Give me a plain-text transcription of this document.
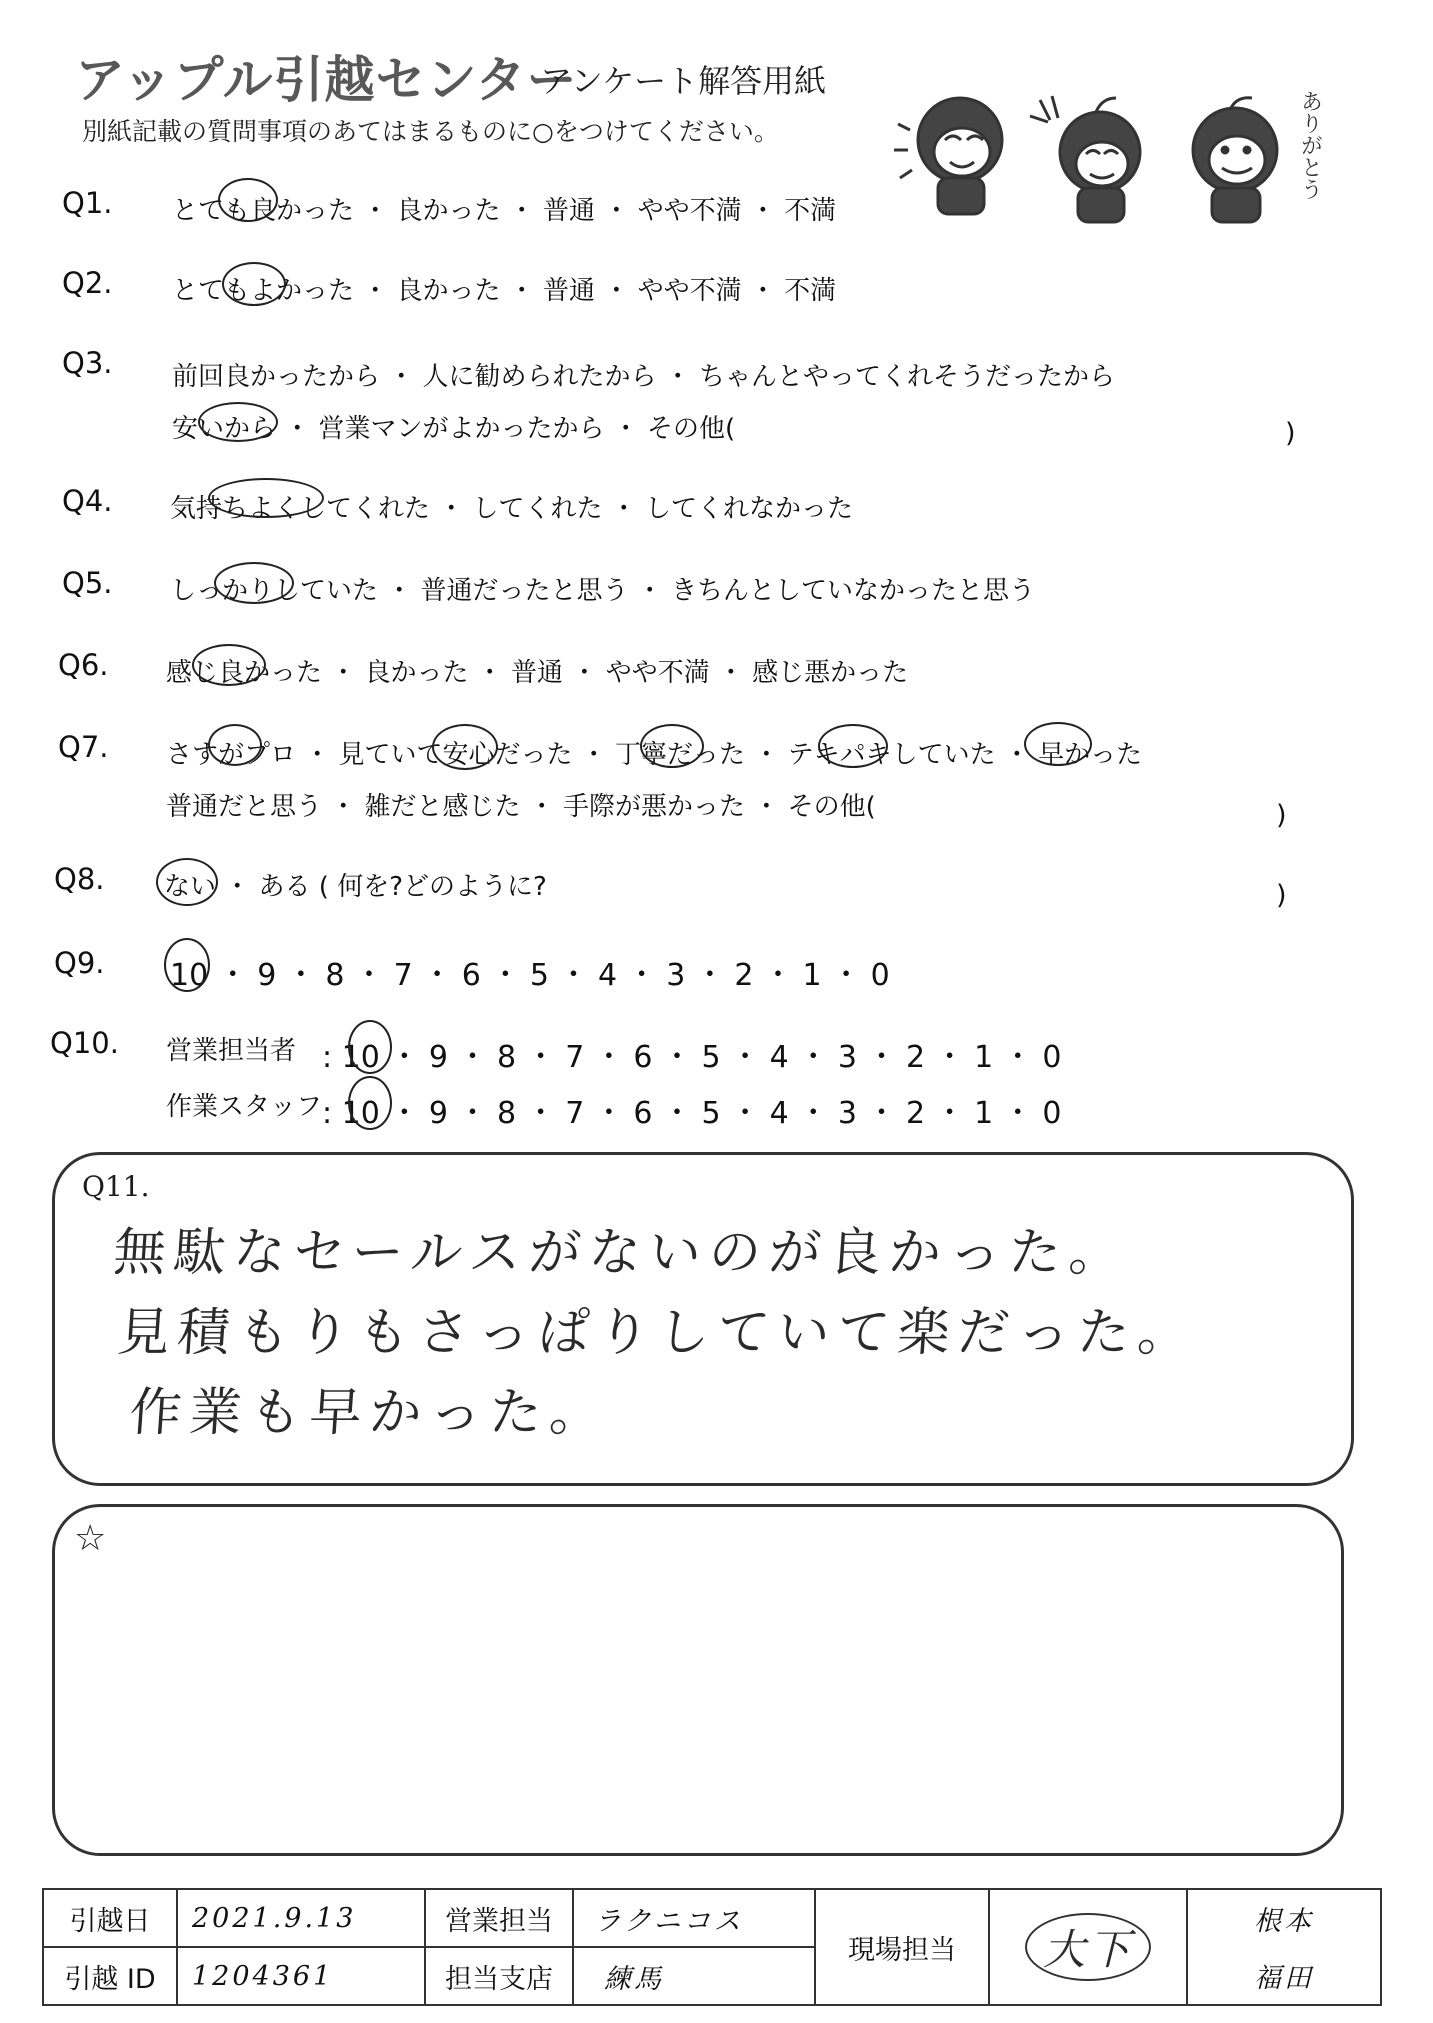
アップル引越センター
アンケート解答用紙
別紙記載の質問事項のあてはまるものに○をつけてください。	ありがとう
Q1. とても良かった ・ 良かった ・ 普通 ・ やや不満 ・ 不満
Q2. とてもよかった ・ 良かった ・ 普通 ・ やや不満 ・ 不満
Q3. 前回良かったから ・ 人に勧められたから ・ ちゃんとやってくれそうだったから
安いから ・ 営業マンがよかったから ・ その他(	)
Q4. 気持ちよくしてくれた ・ してくれた ・ してくれなかった
Q5. しっかりしていた ・ 普通だったと思う ・ きちんとしていなかったと思う
Q6. 感じ良かった ・ 良かった ・ 普通 ・ やや不満 ・ 感じ悪かった
Q7. さすがプロ ・ 見ていて安心だった ・ 丁寧だった ・ テキパキしていた ・ 早かった
普通だと思う ・ 雑だと感じた ・ 手際が悪かった ・ その他(	)
Q8. ない ・ ある ( 何を?どのように?	)
Q9. 10 ・ 9 ・ 8 ・ 7 ・ 6 ・ 5 ・ 4 ・ 3 ・ 2 ・ 1 ・ 0
Q10. 営業担当者 : 10 ・ 9 ・ 8 ・ 7 ・ 6 ・ 5 ・ 4 ・ 3 ・ 2 ・ 1 ・ 0
作業スタッフ : 10 ・ 9 ・ 8 ・ 7 ・ 6 ・ 5 ・ 4 ・ 3 ・ 2 ・ 1 ・ 0
Q11.
無駄なセールスがないのが良かった。
見積もりもさっぱりしていて楽だった。
作業も早かった。
☆
引越日	2021.9.13	営業担当	ラクニコス	現場担当	大下	根本
引越 ID	1204361	担当支店	練馬			福田
